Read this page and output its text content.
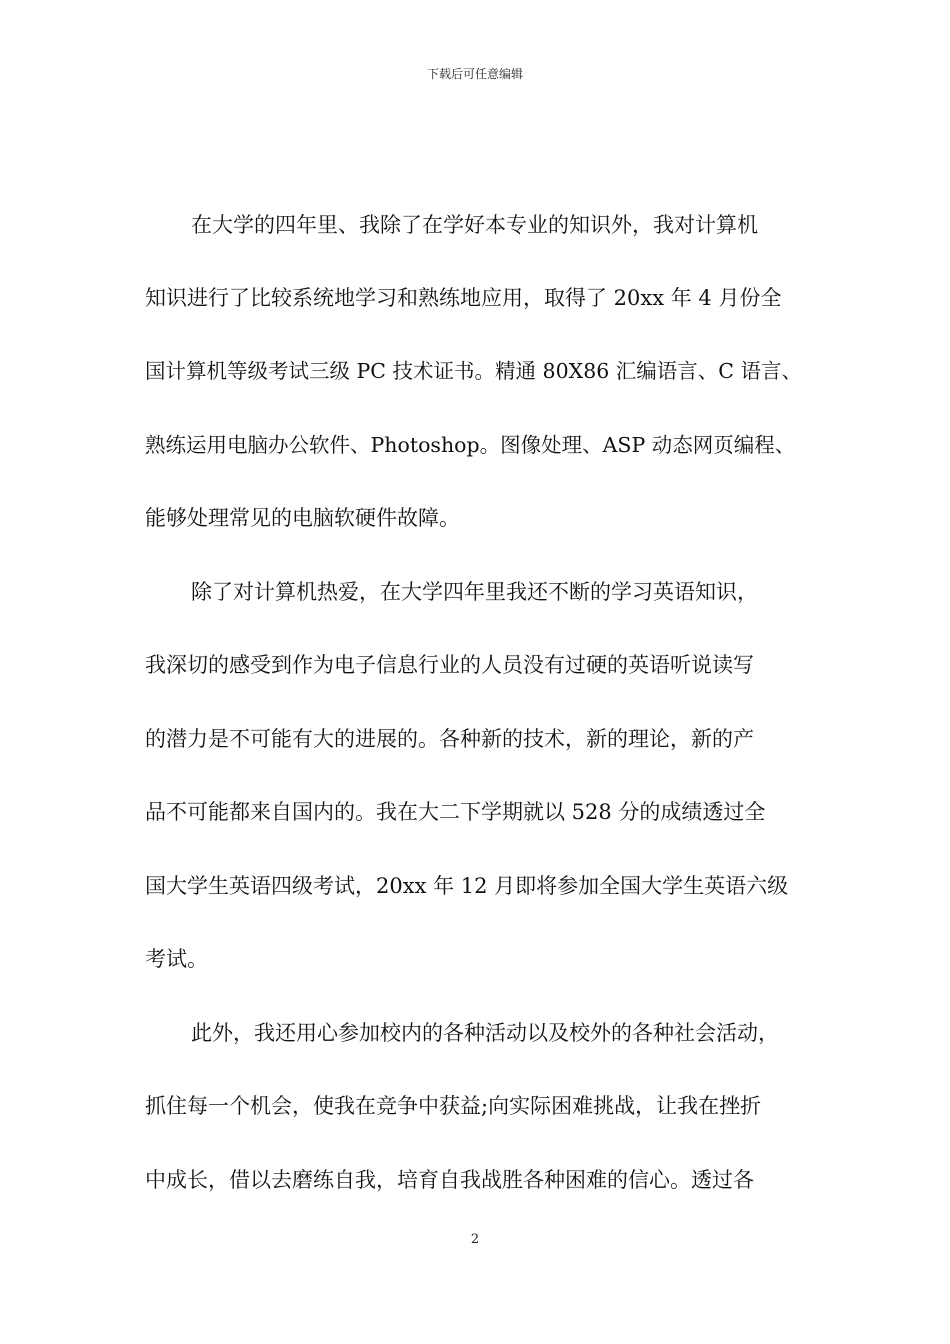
下载后可任意编辑
在大学的四年里、我除了在学好本专业的知识外，我对计算机
知识进行了比较系统地学习和熟练地应用，取得了 20xx 年 4 月份全
国计算机等级考试三级 PC 技术证书。精通 80X86 汇编语言、C 语言、
熟练运用电脑办公软件、Photoshop。图像处理、ASP 动态网页编程、
能够处理常见的电脑软硬件故障。
除了对计算机热爱，在大学四年里我还不断的学习英语知识，
我深切的感受到作为电子信息行业的人员没有过硬的英语听说读写
的潜力是不可能有大的进展的。各种新的技术，新的理论，新的产
品不可能都来自国内的。我在大二下学期就以 528 分的成绩透过全
国大学生英语四级考试，20xx 年 12 月即将参加全国大学生英语六级
考试。
此外，我还用心参加校内的各种活动以及校外的各种社会活动，
抓住每一个机会，使我在竞争中获益;向实际困难挑战，让我在挫折
中成长，借以去磨练自我，培育自我战胜各种困难的信心。透过各
2
